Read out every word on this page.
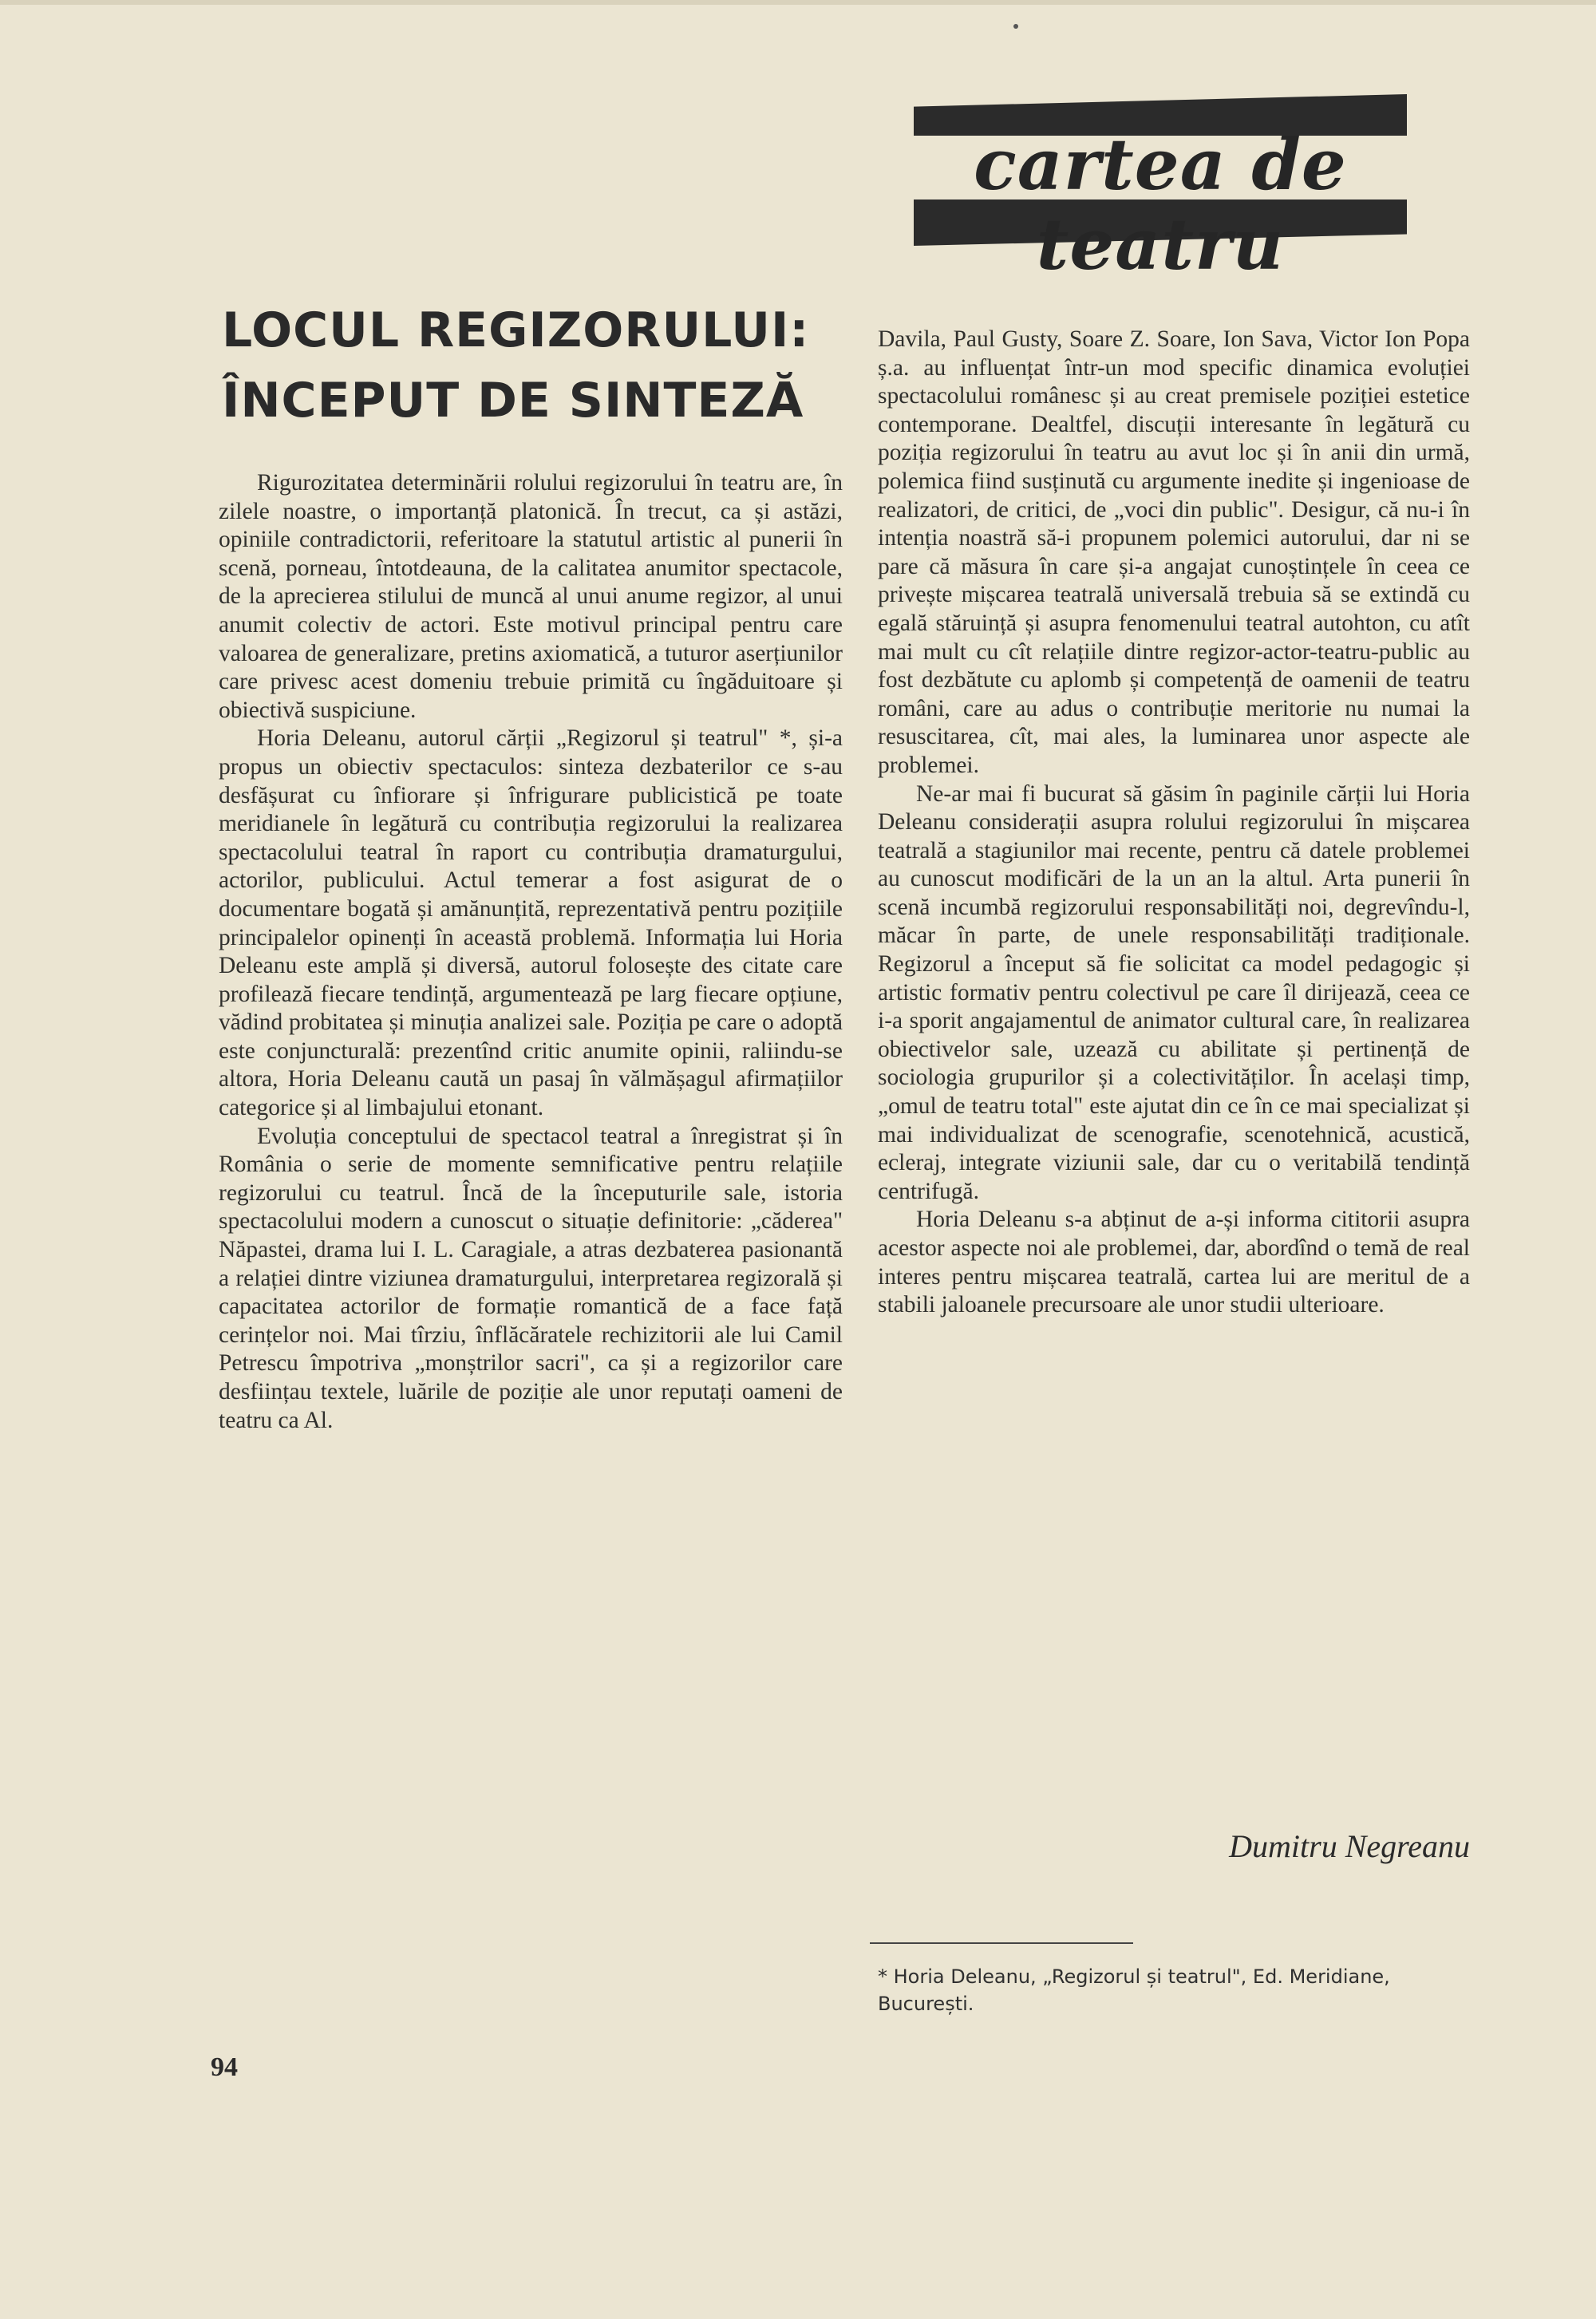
cartea de teatru
LOCUL REGIZORULUI:
ÎNCEPUT DE SINTEZĂ

Rigurozitatea determinării rolului regizorului în teatru are, în zilele noastre, o importanță platonică. În trecut, ca și astăzi, opiniile contradictorii, referitoare la statutul artistic al punerii în scenă, porneau, întotdeauna, de la calitatea anumitor spectacole, de la aprecierea stilului de muncă al unui anume regizor, al unui anumit colectiv de actori. Este motivul principal pentru care valoarea de generalizare, pretins axiomatică, a tuturor aserțiunilor care privesc acest domeniu trebuie primită cu îngăduitoare și obiectivă suspiciune.

Horia Deleanu, autorul cărții „Regizorul și teatrul" *, și-a propus un obiectiv spectaculos: sinteza dezbaterilor ce s-au desfășurat cu înfiorare și înfrigurare publicistică pe toate meridianele în legătură cu contribuția regizorului la realizarea spectacolului teatral în raport cu contribuția dramaturgului, actorilor, publicului. Actul temerar a fost asigurat de o documentare bogată și amănunțită, reprezentativă pentru pozițiile principalelor opinenți în această problemă. Informația lui Horia Deleanu este amplă și diversă, autorul folosește des citate care profilează fiecare tendință, argumentează pe larg fiecare opțiune, vădind probitatea și minuția analizei sale. Poziția pe care o adoptă este conjuncturală: prezentînd critic anumite opinii, raliindu-se altora, Horia Deleanu caută un pasaj în vălmășagul afirmațiilor categorice și al limbajului etonant.

Evoluția conceptului de spectacol teatral a înregistrat și în România o serie de momente semnificative pentru relațiile regizorului cu teatrul. Încă de la începuturile sale, istoria spectacolului modern a cunoscut o situație definitorie: „căderea" Năpastei, drama lui I. L. Caragiale, a atras dezbaterea pasionantă a relației dintre viziunea dramaturgului, interpretarea regizorală și capacitatea actorilor de formație romantică de a face față cerințelor noi. Mai tîrziu, înflăcăratele rechizitorii ale lui Camil Petrescu împotriva „monștrilor sacri", ca și a regizorilor care desființau textele, luările de poziție ale unor reputați oameni de teatru ca Al.

Davila, Paul Gusty, Soare Z. Soare, Ion Sava, Victor Ion Popa ș.a. au influențat într-un mod specific dinamica evoluției spectacolului românesc și au creat premisele poziției estetice contemporane. Dealtfel, discuții interesante în legătură cu poziția regizorului în teatru au avut loc și în anii din urmă, polemica fiind susținută cu argumente inedite și ingenioase de realizatori, de critici, de „voci din public". Desigur, că nu-i în intenția noastră să-i propunem polemici autorului, dar ni se pare că măsura în care și-a angajat cunoștințele în ceea ce privește mișcarea teatrală universală trebuia să se extindă cu egală stăruință și asupra fenomenului teatral autohton, cu atît mai mult cu cît relațiile dintre regizor-actor-teatru-public au fost dezbătute cu aplomb și competență de oamenii de teatru români, care au adus o contribuție meritorie nu numai la resuscitarea, cît, mai ales, la luminarea unor aspecte ale problemei.

Ne-ar mai fi bucurat să găsim în paginile cărții lui Horia Deleanu considerații asupra rolului regizorului în mișcarea teatrală a stagiunilor mai recente, pentru că datele problemei au cunoscut modificări de la un an la altul. Arta punerii în scenă incumbă regizorului responsabilități noi, degrevîndu-l, măcar în parte, de unele responsabilități tradiționale. Regizorul a început să fie solicitat ca model pedagogic și artistic formativ pentru colectivul pe care îl dirijează, ceea ce i-a sporit angajamentul de animator cultural care, în realizarea obiectivelor sale, uzează cu abilitate și pertinență de sociologia grupurilor și a colectivităților. În același timp, „omul de teatru total" este ajutat din ce în ce mai specializat și mai individualizat de scenografie, scenotehnică, acustică, ecleraj, integrate viziunii sale, dar cu o veritabilă tendință centrifugă.

Horia Deleanu s-a abținut de a-și informa cititorii asupra acestor aspecte noi ale problemei, dar, abordînd o temă de real interes pentru mișcarea teatrală, cartea lui are meritul de a stabili jaloanele precursoare ale unor studii ulterioare.

Dumitru Negreanu
* Horia Deleanu, „Regizorul și teatrul", Ed. Meridiane, București.
94
